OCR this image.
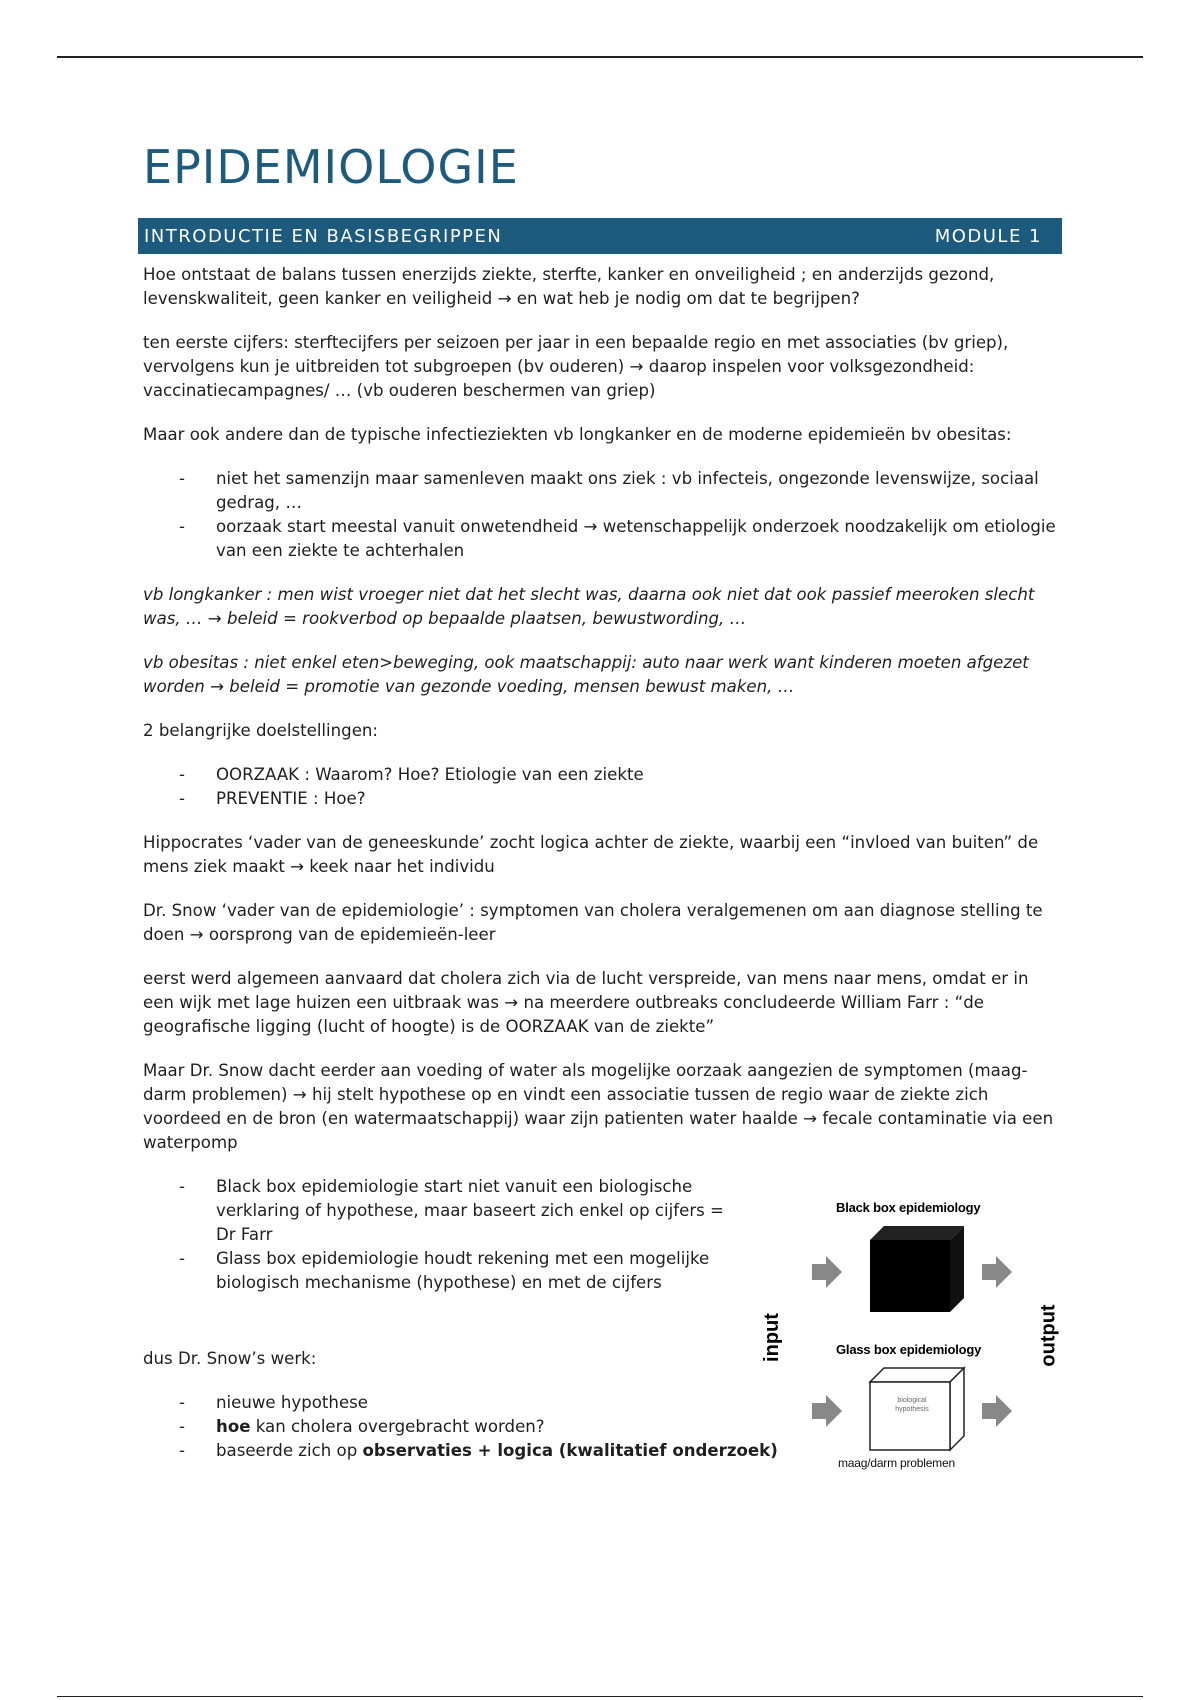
EPIDEMIOLOGIE
INTRODUCTIE EN BASISBEGRIPPEN	MODULE 1

Hoe ontstaat de balans tussen enerzijds ziekte, sterfte, kanker en onveiligheid ; en anderzijds gezond, levenskwaliteit, geen kanker en veiligheid → en wat heb je nodig om dat te begrijpen?

ten eerste cijfers: sterftecijfers per seizoen per jaar in een bepaalde regio en met associaties (bv griep), vervolgens kun je uitbreiden tot subgroepen (bv ouderen) → daarop inspelen voor volksgezondheid: vaccinatiecampagnes/ … (vb ouderen beschermen van griep)

Maar ook andere dan de typische infectieziekten vb longkanker en de moderne epidemieën bv obesitas:

- niet het samenzijn maar samenleven maakt ons ziek : vb infecteis, ongezonde levenswijze, sociaal gedrag, …
- oorzaak start meestal vanuit onwetendheid → wetenschappelijk onderzoek noodzakelijk om etiologie van een ziekte te achterhalen

vb longkanker : men wist vroeger niet dat het slecht was, daarna ook niet dat ook passief meeroken slecht was, … → beleid = rookverbod op bepaalde plaatsen, bewustwording, …

vb obesitas : niet enkel eten>beweging, ook maatschappij: auto naar werk want kinderen moeten afgezet worden → beleid = promotie van gezonde voeding, mensen bewust maken, …

2 belangrijke doelstellingen:

- OORZAAK : Waarom? Hoe? Etiologie van een ziekte
- PREVENTIE : Hoe?

Hippocrates ‘vader van de geneeskunde’ zocht logica achter de ziekte, waarbij een “invloed van buiten” de mens ziek maakt → keek naar het individu

Dr. Snow ‘vader van de epidemiologie’ : symptomen van cholera veralgemenen om aan diagnose stelling te doen → oorsprong van de epidemieën-leer

eerst werd algemeen aanvaard dat cholera zich via de lucht verspreide, van mens naar mens, omdat er in een wijk met lage huizen een uitbraak was → na meerdere outbreaks concludeerde William Farr : “de geografische ligging (lucht of hoogte) is de OORZAAK van de ziekte”

Maar Dr. Snow dacht eerder aan voeding of water als mogelijke oorzaak aangezien de symptomen (maag-darm problemen) → hij stelt hypothese op en vindt een associatie tussen de regio waar de ziekte zich voordeed en de bron (en watermaatschappij) waar zijn patienten water haalde → fecale contaminatie via een waterpomp

- Black box epidemiologie start niet vanuit een biologische verklaring of hypothese, maar baseert zich enkel op cijfers = Dr Farr
- Glass box epidemiologie houdt rekening met een mogelijke biologisch mechanisme (hypothese) en met de cijfers

dus Dr. Snow’s werk:

- nieuwe hypothese
- hoe kan cholera overgebracht worden?
- baseerde zich op observaties + logica (kwalitatief onderzoek)
Black box epidemiology
Glass box epidemiology
input	output
biological hypothesis
maag/darm problemen
